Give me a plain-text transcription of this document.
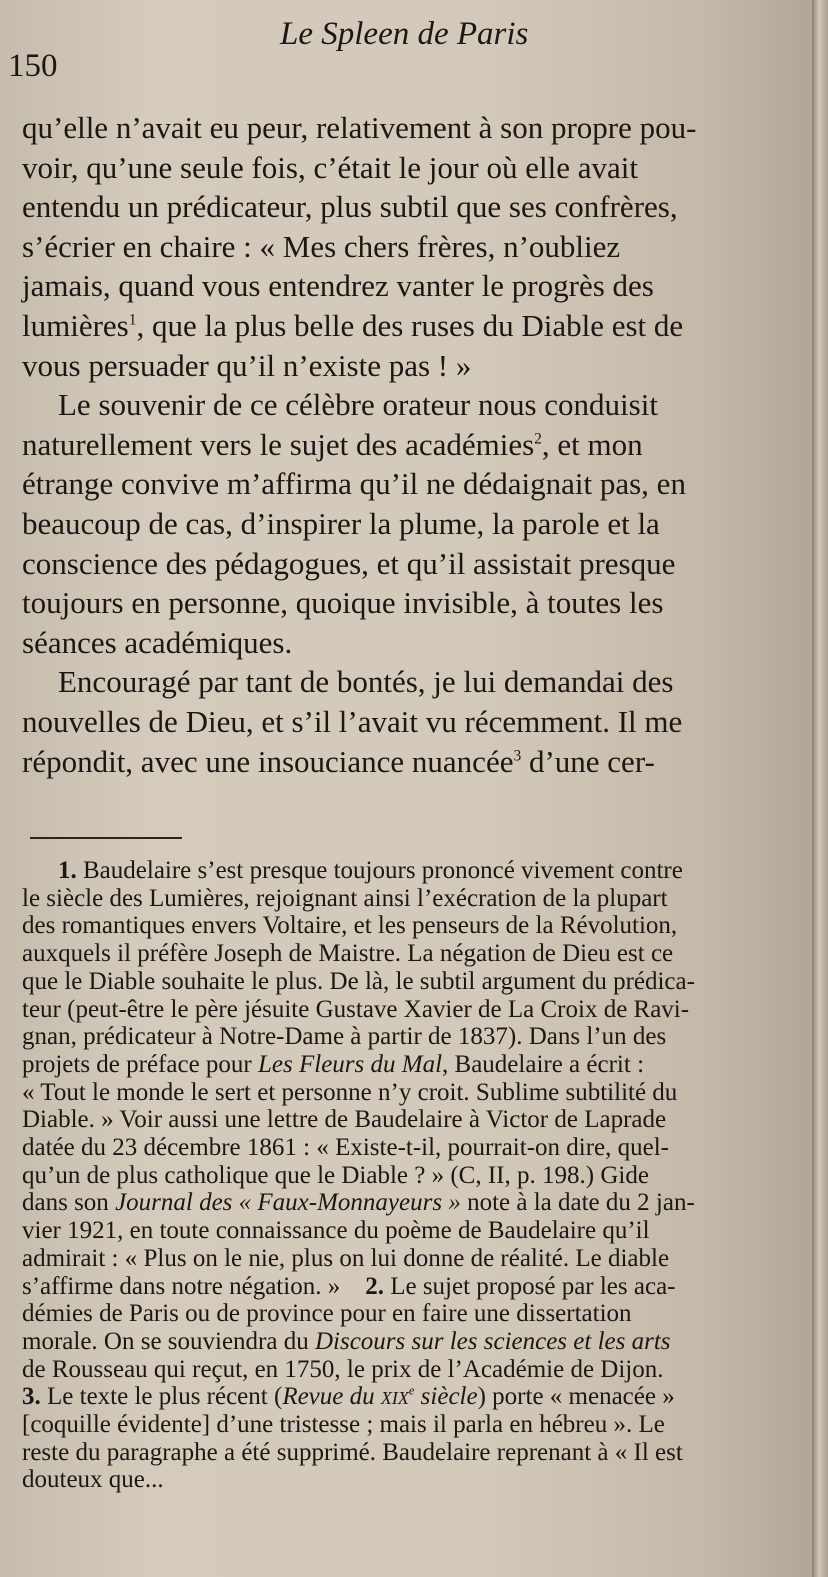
150
Le Spleen de Paris

qu’elle n’avait eu peur, relativement à son propre pou-
voir, qu’une seule fois, c’était le jour où elle avait
entendu un prédicateur, plus subtil que ses confrères,
s’écrier en chaire : « Mes chers frères, n’oubliez
jamais, quand vous entendrez vanter le progrès des
lumières$^1$, que la plus belle des ruses du Diable est de
vous persuader qu’il n’existe pas ! »

Le souvenir de ce célèbre orateur nous conduisit
naturellement vers le sujet des académies$^2$, et mon
étrange convive m’affirma qu’il ne dédaignait pas, en
beaucoup de cas, d’inspirer la plume, la parole et la
conscience des pédagogues, et qu’il assistait presque
toujours en personne, quoique invisible, à toutes les
séances académiques.

Encouragé par tant de bontés, je lui demandai des
nouvelles de Dieu, et s’il l’avait vu récemment. Il me
répondit, avec une insouciance nuancée$^3$ d’une cer-

1. Baudelaire s’est presque toujours prononcé vivement contre
le siècle des Lumières, rejoignant ainsi l’exécration de la plupart
des romantiques envers Voltaire, et les penseurs de la Révolution,
auxquels il préfère Joseph de Maistre. La négation de Dieu est ce
que le Diable souhaite le plus. De là, le subtil argument du prédica-
teur (peut-être le père jésuite Gustave Xavier de La Croix de Ravi-
gnan, prédicateur à Notre-Dame à partir de 1837). Dans l’un des
projets de préface pour Les Fleurs du Mal, Baudelaire a écrit :
« Tout le monde le sert et personne n’y croit. Sublime subtilité du
Diable. » Voir aussi une lettre de Baudelaire à Victor de Laprade
datée du 23 décembre 1861 : « Existe-t-il, pourrait-on dire, quel-
qu’un de plus catholique que le Diable ? » (C, II, p. 198.) Gide
dans son Journal des « Faux-Monnayeurs » note à la date du 2 jan-
vier 1921, en toute connaissance du poème de Baudelaire qu’il
admirait : « Plus on le nie, plus on lui donne de réalité. Le diable
s’affirme dans notre négation. » 2. Le sujet proposé par les aca-
démies de Paris ou de province pour en faire une dissertation
morale. On se souviendra du Discours sur les sciences et les arts
de Rousseau qui reçut, en 1750, le prix de l’Académie de Dijon.
3. Le texte le plus récent (Revue du xix$^e$ siècle) porte « menacée »
[coquille évidente] d’une tristesse ; mais il parla en hébreu ». Le
reste du paragraphe a été supprimé. Baudelaire reprenant à « Il est
douteux que...
